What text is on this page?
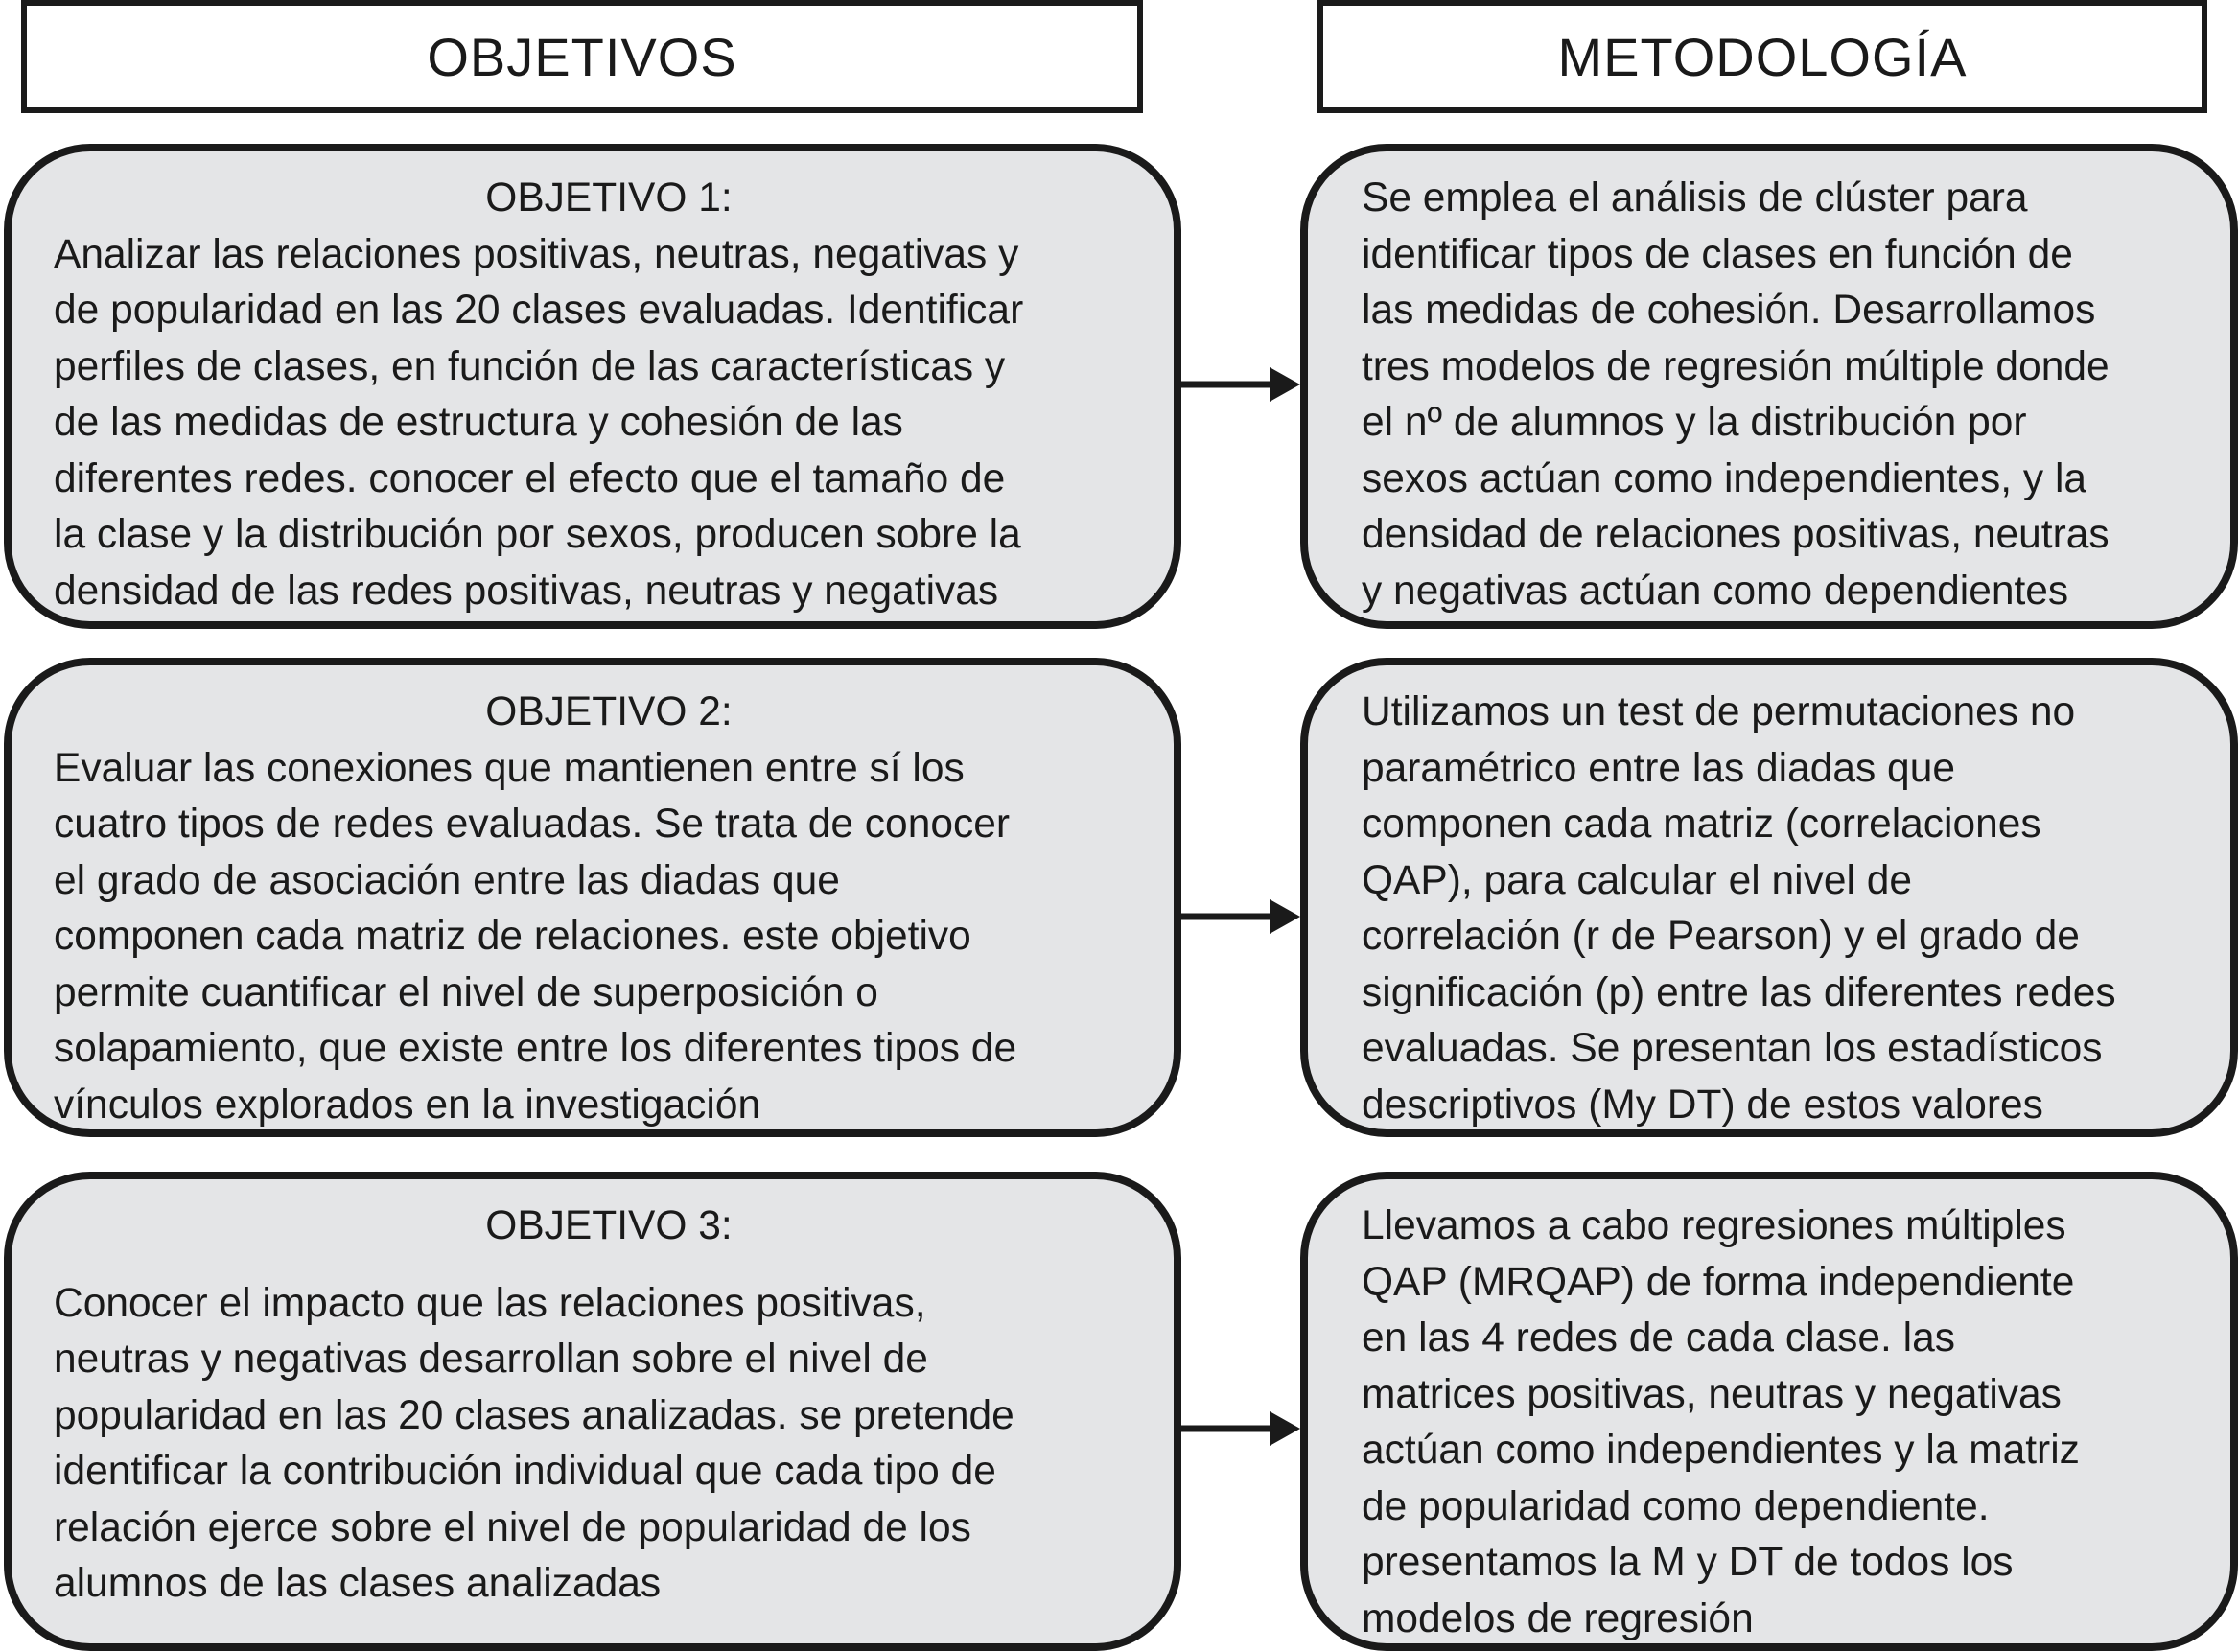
OBJETIVOS	METODOLOGÍA

OBJETIVO 1:

Analizar las relaciones positivas, neutras, negativas y
de popularidad en las 20 clases evaluadas. Identificar
perfiles de clases, en función de las características y
de las medidas de estructura y cohesión de las
diferentes redes. conocer el efecto que el tamaño de
la clase y la distribución por sexos, producen sobre la
densidad de las redes positivas, neutras y negativas

Se emplea el análisis de clúster para
identificar tipos de clases en función de
las medidas de cohesión. Desarrollamos
tres modelos de regresión múltiple donde
el nº de alumnos y la distribución por
sexos actúan como independientes, y la
densidad de relaciones positivas, neutras
y negativas actúan como dependientes

OBJETIVO 2:

Evaluar las conexiones que mantienen entre sí los
cuatro tipos de redes evaluadas. Se trata de conocer
el grado de asociación entre las diadas que
componen cada matriz de relaciones. este objetivo
permite cuantificar el nivel de superposición o
solapamiento, que existe entre los diferentes tipos de
vínculos explorados en la investigación

Utilizamos un test de permutaciones no
paramétrico entre las diadas que
componen cada matriz (correlaciones
QAP), para calcular el nivel de
correlación (r de Pearson) y el grado de
significación (p) entre las diferentes redes
evaluadas. Se presentan los estadísticos
descriptivos (My DT) de estos valores

OBJETIVO 3:

Conocer el impacto que las relaciones positivas,
neutras y negativas desarrollan sobre el nivel de
popularidad en las 20 clases analizadas. se pretende
identificar la contribución individual que cada tipo de
relación ejerce sobre el nivel de popularidad de los
alumnos de las clases analizadas

Llevamos a cabo regresiones múltiples
QAP (MRQAP) de forma independiente
en las 4 redes de cada clase. las
matrices positivas, neutras y negativas
actúan como independientes y la matriz
de popularidad como dependiente.
presentamos la M y DT de todos los
modelos de regresión
